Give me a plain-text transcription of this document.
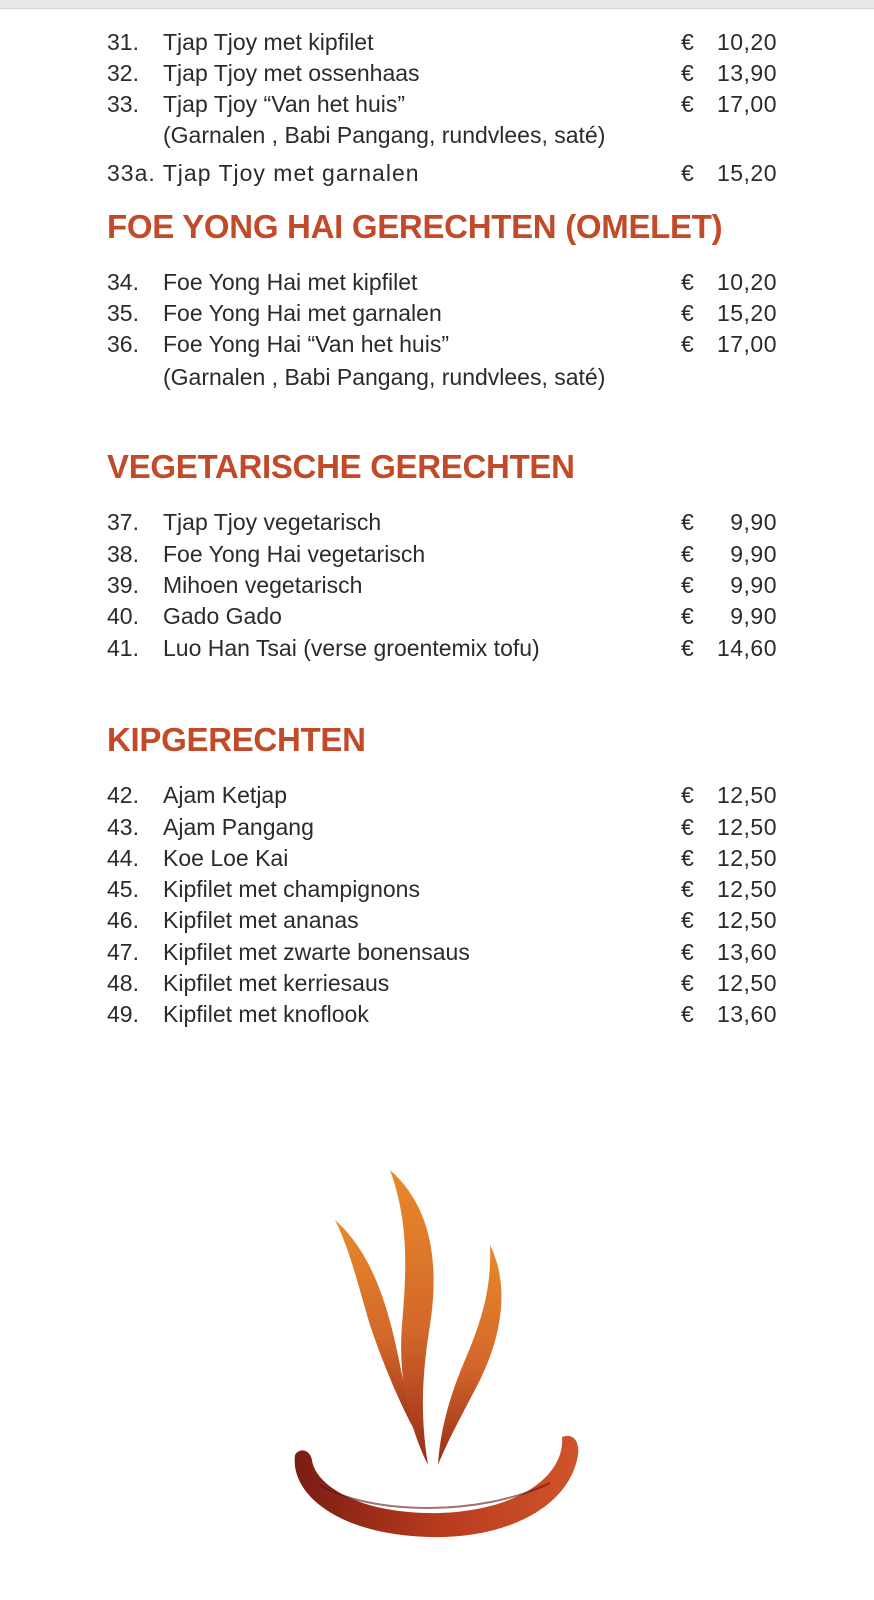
31. Tjap Tjoy met kipfilet	€ 10,20
32. Tjap Tjoy met ossenhaas	€ 13,90
33. Tjap Tjoy “Van het huis”	€ 17,00
(Garnalen , Babi Pangang, rundvlees, saté)
33a. Tjap Tjoy met garnalen	€ 15,20
FOE YONG HAI GERECHTEN (OMELET)
34. Foe Yong Hai met kipfilet	€ 10,20
35. Foe Yong Hai met garnalen	€ 15,20
36. Foe Yong Hai “Van het huis”	€ 17,00
(Garnalen , Babi Pangang, rundvlees, saté)
VEGETARISCHE GERECHTEN
37. Tjap Tjoy vegetarisch	€ 9,90
38. Foe Yong Hai vegetarisch	€ 9,90
39. Mihoen vegetarisch	€ 9,90
40. Gado Gado	€ 9,90
41. Luo Han Tsai (verse groentemix tofu)	€ 14,60
KIPGERECHTEN
42. Ajam Ketjap	€ 12,50
43. Ajam Pangang	€ 12,50
44. Koe Loe Kai	€ 12,50
45. Kipfilet met champignons	€ 12,50
46. Kipfilet met ananas	€ 12,50
47. Kipfilet met zwarte bonensaus	€ 13,60
48. Kipfilet met kerriesaus	€ 12,50
49. Kipfilet met knoflook	€ 13,60
